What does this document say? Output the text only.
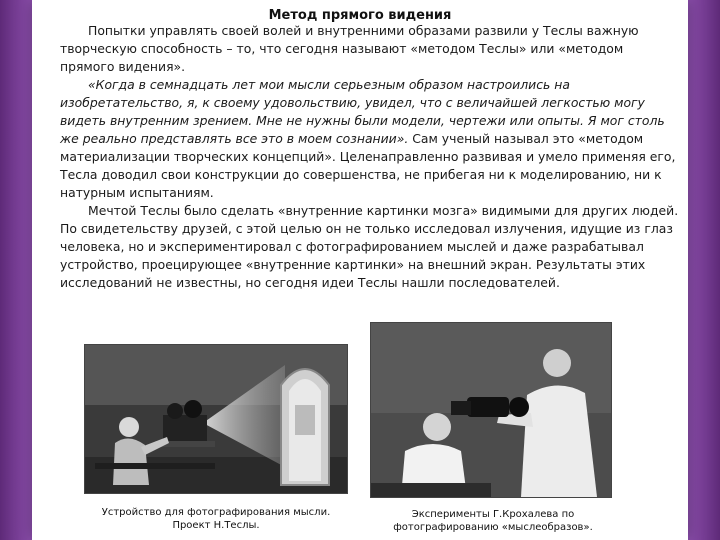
Метод прямого видения

Попытки управлять своей волей и внутренними образами развили у Теслы важную творческую способность – то, что сегодня называют «методом Теслы» или «методом прямого видения».

«Когда в семнадцать лет мои мысли серьезным образом настроились на изобретательство, я, к своему удовольствию, увидел, что с величайшей легкостью могу видеть внутренним зрением. Мне не нужны были модели, чертежи или опыты. Я мог столь же реально представлять все это в моем сознании». Сам ученый называл это «методом материализации творческих концепций». Целенаправленно развивая и умело применяя его, Тесла доводил свои конструкции до совершенства, не прибегая ни к моделированию, ни к натурным испытаниям.

Мечтой Теслы было сделать «внутренние картинки мозга» видимыми для других людей. По свидетельству друзей, с этой целью он не только исследовал излучения, идущие из глаз человека, но и экспериментировал с фотографированием мыслей и даже разрабатывал устройство, проецирующее «внутренние картинки» на внешний экран. Результаты этих исследований не известны, но сегодня идеи Теслы нашли последователей.

Устройство для фотографирования мысли. Проект Н.Теслы.
Эксперименты Г.Крохалева по фотографированию «мыслеобразов».
